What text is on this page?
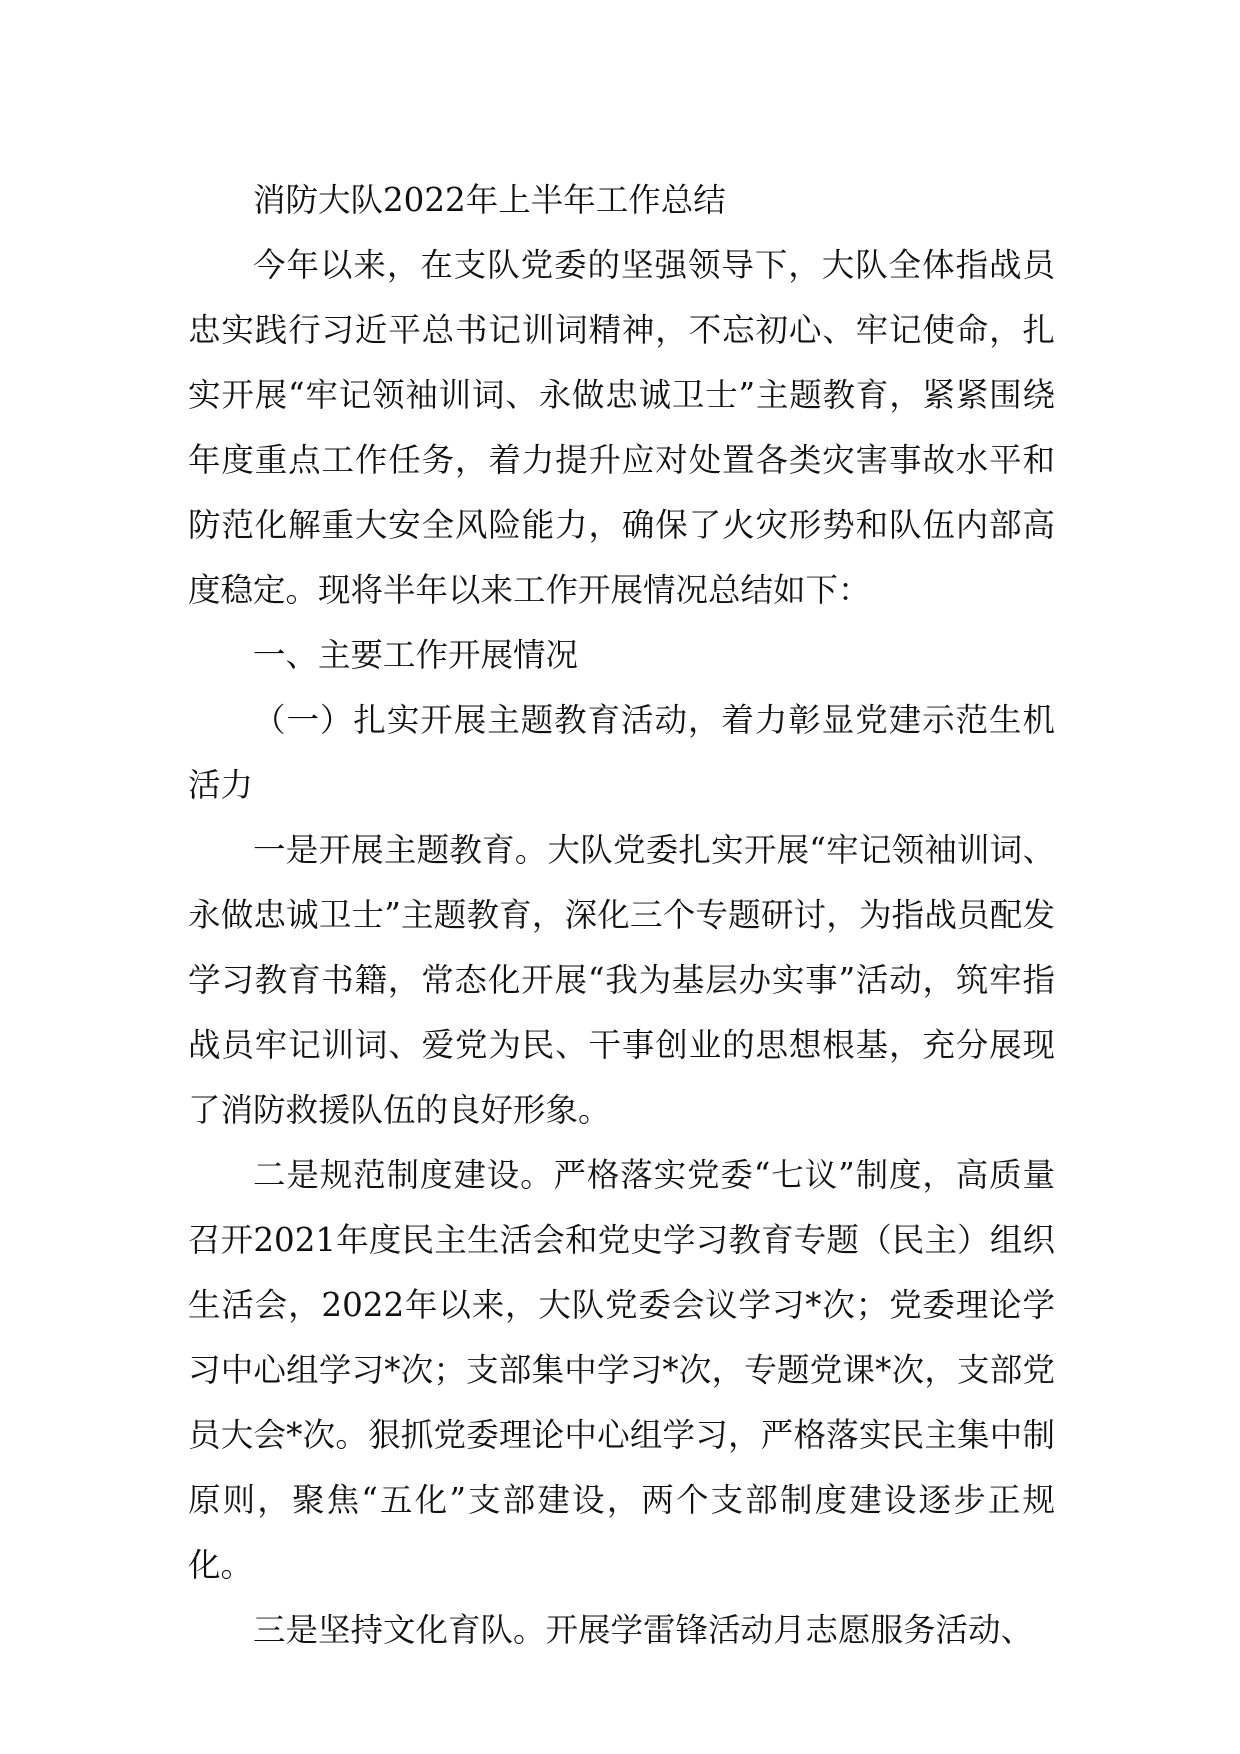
消防大队2022年上半年工作总结

今年以来，在支队党委的坚强领导下，大队全体指战员忠实践行习近平总书记训词精神，不忘初心、牢记使命，扎实开展“牢记领袖训词、永做忠诚卫士”主题教育，紧紧围绕年度重点工作任务，着力提升应对处置各类灾害事故水平和防范化解重大安全风险能力，确保了火灾形势和队伍内部高度稳定。现将半年以来工作开展情况总结如下：

一、主要工作开展情况

（一）扎实开展主题教育活动，着力彰显党建示范生机活力

一是开展主题教育。大队党委扎实开展“牢记领袖训词、永做忠诚卫士”主题教育，深化三个专题研讨，为指战员配发学习教育书籍，常态化开展“我为基层办实事”活动，筑牢指战员牢记训词、爱党为民、干事创业的思想根基，充分展现了消防救援队伍的良好形象。

二是规范制度建设。严格落实党委“七议”制度，高质量召开2021年度民主生活会和党史学习教育专题（民主）组织生活会，2022年以来，大队党委会议学习*次；党委理论学习中心组学习*次；支部集中学习*次，专题党课*次，支部党员大会*次。狠抓党委理论中心组学习，严格落实民主集中制原则，聚焦“五化”支部建设，两个支部制度建设逐步正规化。

三是坚持文化育队。开展学雷锋活动月志愿服务活动、
